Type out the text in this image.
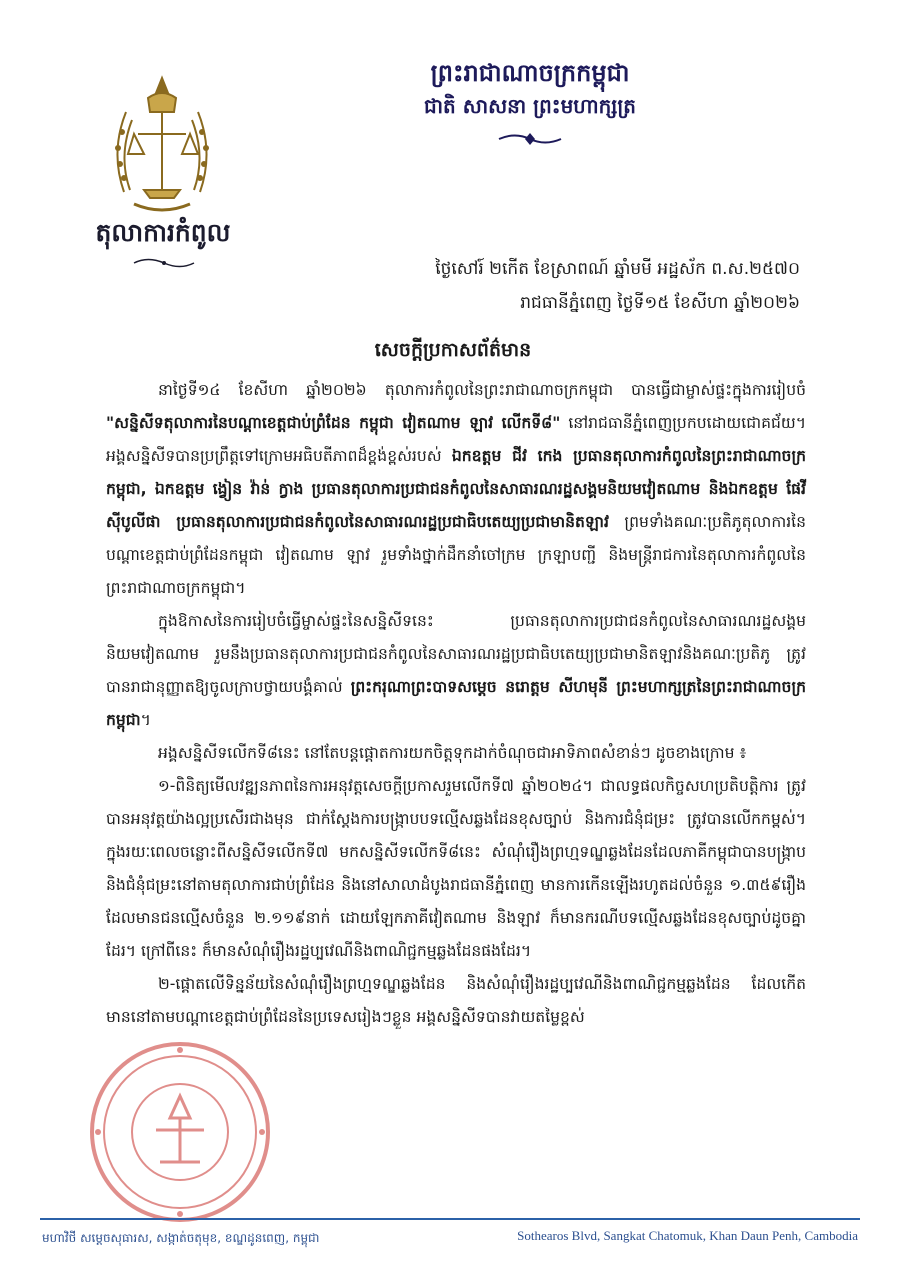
តុលាការកំពូល
ព្រះរាជាណាចក្រកម្ពុជា
ជាតិ សាសនា ព្រះមហាក្សត្រ
ថ្ងៃសៅរ៍ ២កើត ខែស្រាពណ៍ ឆ្នាំមមី អដ្ឋស័ក ព.ស.២៥៧០
រាជធានីភ្នំពេញ ថ្ងៃទី១៥ ខែសីហា ឆ្នាំ២០២៦
សេចក្តីប្រកាសព័ត៌មាន

នាថ្ងៃទី១៤ ខែសីហា ឆ្នាំ២០២៦ តុលាការកំពូលនៃព្រះរាជាណាចក្រកម្ពុជា បានធ្វើជាម្ចាស់ផ្ទះក្នុងការរៀបចំ "សន្និសីទតុលាការនៃបណ្តាខេត្តជាប់ព្រំដែន កម្ពុជា វៀតណាម ឡាវ លើកទី៨" នៅរាជធានីភ្នំពេញប្រកបដោយជោគជ័យ។ អង្គសន្និសីទបានប្រព្រឹត្តទៅក្រោមអធិបតីភាពដ៏ខ្ពង់ខ្ពស់របស់ ឯកឧត្តម ជីវ កេង ប្រធានតុលាការកំពូលនៃព្រះរាជាណាចក្រកម្ពុជា, ឯកឧត្តម ង្វៀន វ៉ាន់ ក្វាង ប្រធានតុលាការប្រជាជនកំពូលនៃសាធារណរដ្ឋសង្គមនិយមវៀតណាម និងឯកឧត្តម ផែវី ស៊ីបូលីផា ប្រធានតុលាការប្រជាជនកំពូលនៃសាធារណរដ្ឋប្រជាធិបតេយ្យប្រជាមានិតឡាវ ព្រមទាំងគណៈប្រតិភូតុលាការនៃបណ្តាខេត្តជាប់ព្រំដែនកម្ពុជា វៀតណាម ឡាវ រួមទាំងថ្នាក់ដឹកនាំចៅក្រម ក្រឡាបញ្ជី និងមន្ត្រីរាជការនៃតុលាការកំពូលនៃព្រះរាជាណាចក្រកម្ពុជា។

ក្នុងឱកាសនៃការរៀបចំធ្វើម្ចាស់ផ្ទះនៃសន្និសីទនេះ ប្រធានតុលាការប្រជាជនកំពូលនៃសាធារណរដ្ឋសង្គមនិយមវៀតណាម រួមនឹងប្រធានតុលាការប្រជាជនកំពូលនៃសាធារណរដ្ឋប្រជាធិបតេយ្យប្រជាមានិតឡាវនិងគណៈប្រតិភូ ត្រូវបានរាជានុញ្ញាតឱ្យចូលក្រាបថ្វាយបង្គំគាល់ ព្រះករុណាព្រះបាទសម្តេច នរោត្តម សីហមុនី ព្រះមហាក្សត្រនៃព្រះរាជាណាចក្រកម្ពុជា។

អង្គសន្និសីទលើកទី៨នេះ នៅតែបន្តផ្តោតការយកចិត្តទុកដាក់ចំណុចជាអាទិភាពសំខាន់ៗ ដូចខាងក្រោម ៖

១-ពិនិត្យមើលវឌ្ឍនភាពនៃការអនុវត្តសេចក្តីប្រកាសរួមលើកទី៧ ឆ្នាំ២០២៤។ ជាលទ្ធផលកិច្ចសហប្រតិបត្តិការ ត្រូវបានអនុវត្តយ៉ាងល្អប្រសើរជាងមុន ជាក់ស្តែងការបង្ក្រាបបទល្មើសឆ្លងដែនខុសច្បាប់ និងការជំនុំជម្រះ ត្រូវបានលើកកម្ពស់។ ក្នុងរយៈពេលចន្លោះពីសន្និសីទលើកទី៧ មកសន្និសីទលើកទី៨នេះ សំណុំរឿងព្រហ្មទណ្ឌឆ្លងដែនដែលភាគីកម្ពុជាបានបង្ក្រាបនិងជំនុំជម្រះនៅតាមតុលាការជាប់ព្រំដែន និងនៅសាលាដំបូងរាជធានីភ្នំពេញ មានការកើនឡើងរហូតដល់ចំនួន ១.៣៥៩រឿង ដែលមានជនល្មើសចំនួន ២.១១៩នាក់ ដោយឡែកភាគីវៀតណាម និងឡាវ ក៏មានករណីបទល្មើសឆ្លងដែនខុសច្បាប់ដូចគ្នាដែរ។ ក្រៅពីនេះ ក៏មានសំណុំរឿងរដ្ឋប្បវេណីនិងពាណិជ្ជកម្មឆ្លងដែនផងដែរ។

២-ផ្តោតលើទិន្នន័យនៃសំណុំរឿងព្រហ្មទណ្ឌឆ្លងដែន និងសំណុំរឿងរដ្ឋប្បវេណីនិងពាណិជ្ជកម្មឆ្លងដែន ដែលកើតមាននៅតាមបណ្តាខេត្តជាប់ព្រំដែននៃប្រទេសរៀងៗខ្លួន អង្គសន្និសីទបានវាយតម្លៃខ្ពស់

មហាវិថី សម្តេចសុធារស, សង្កាត់ចតុមុខ, ខណ្ឌដូនពេញ, កម្ពុជា	Sothearos Blvd, Sangkat Chatomuk, Khan Daun Penh, Cambodia
